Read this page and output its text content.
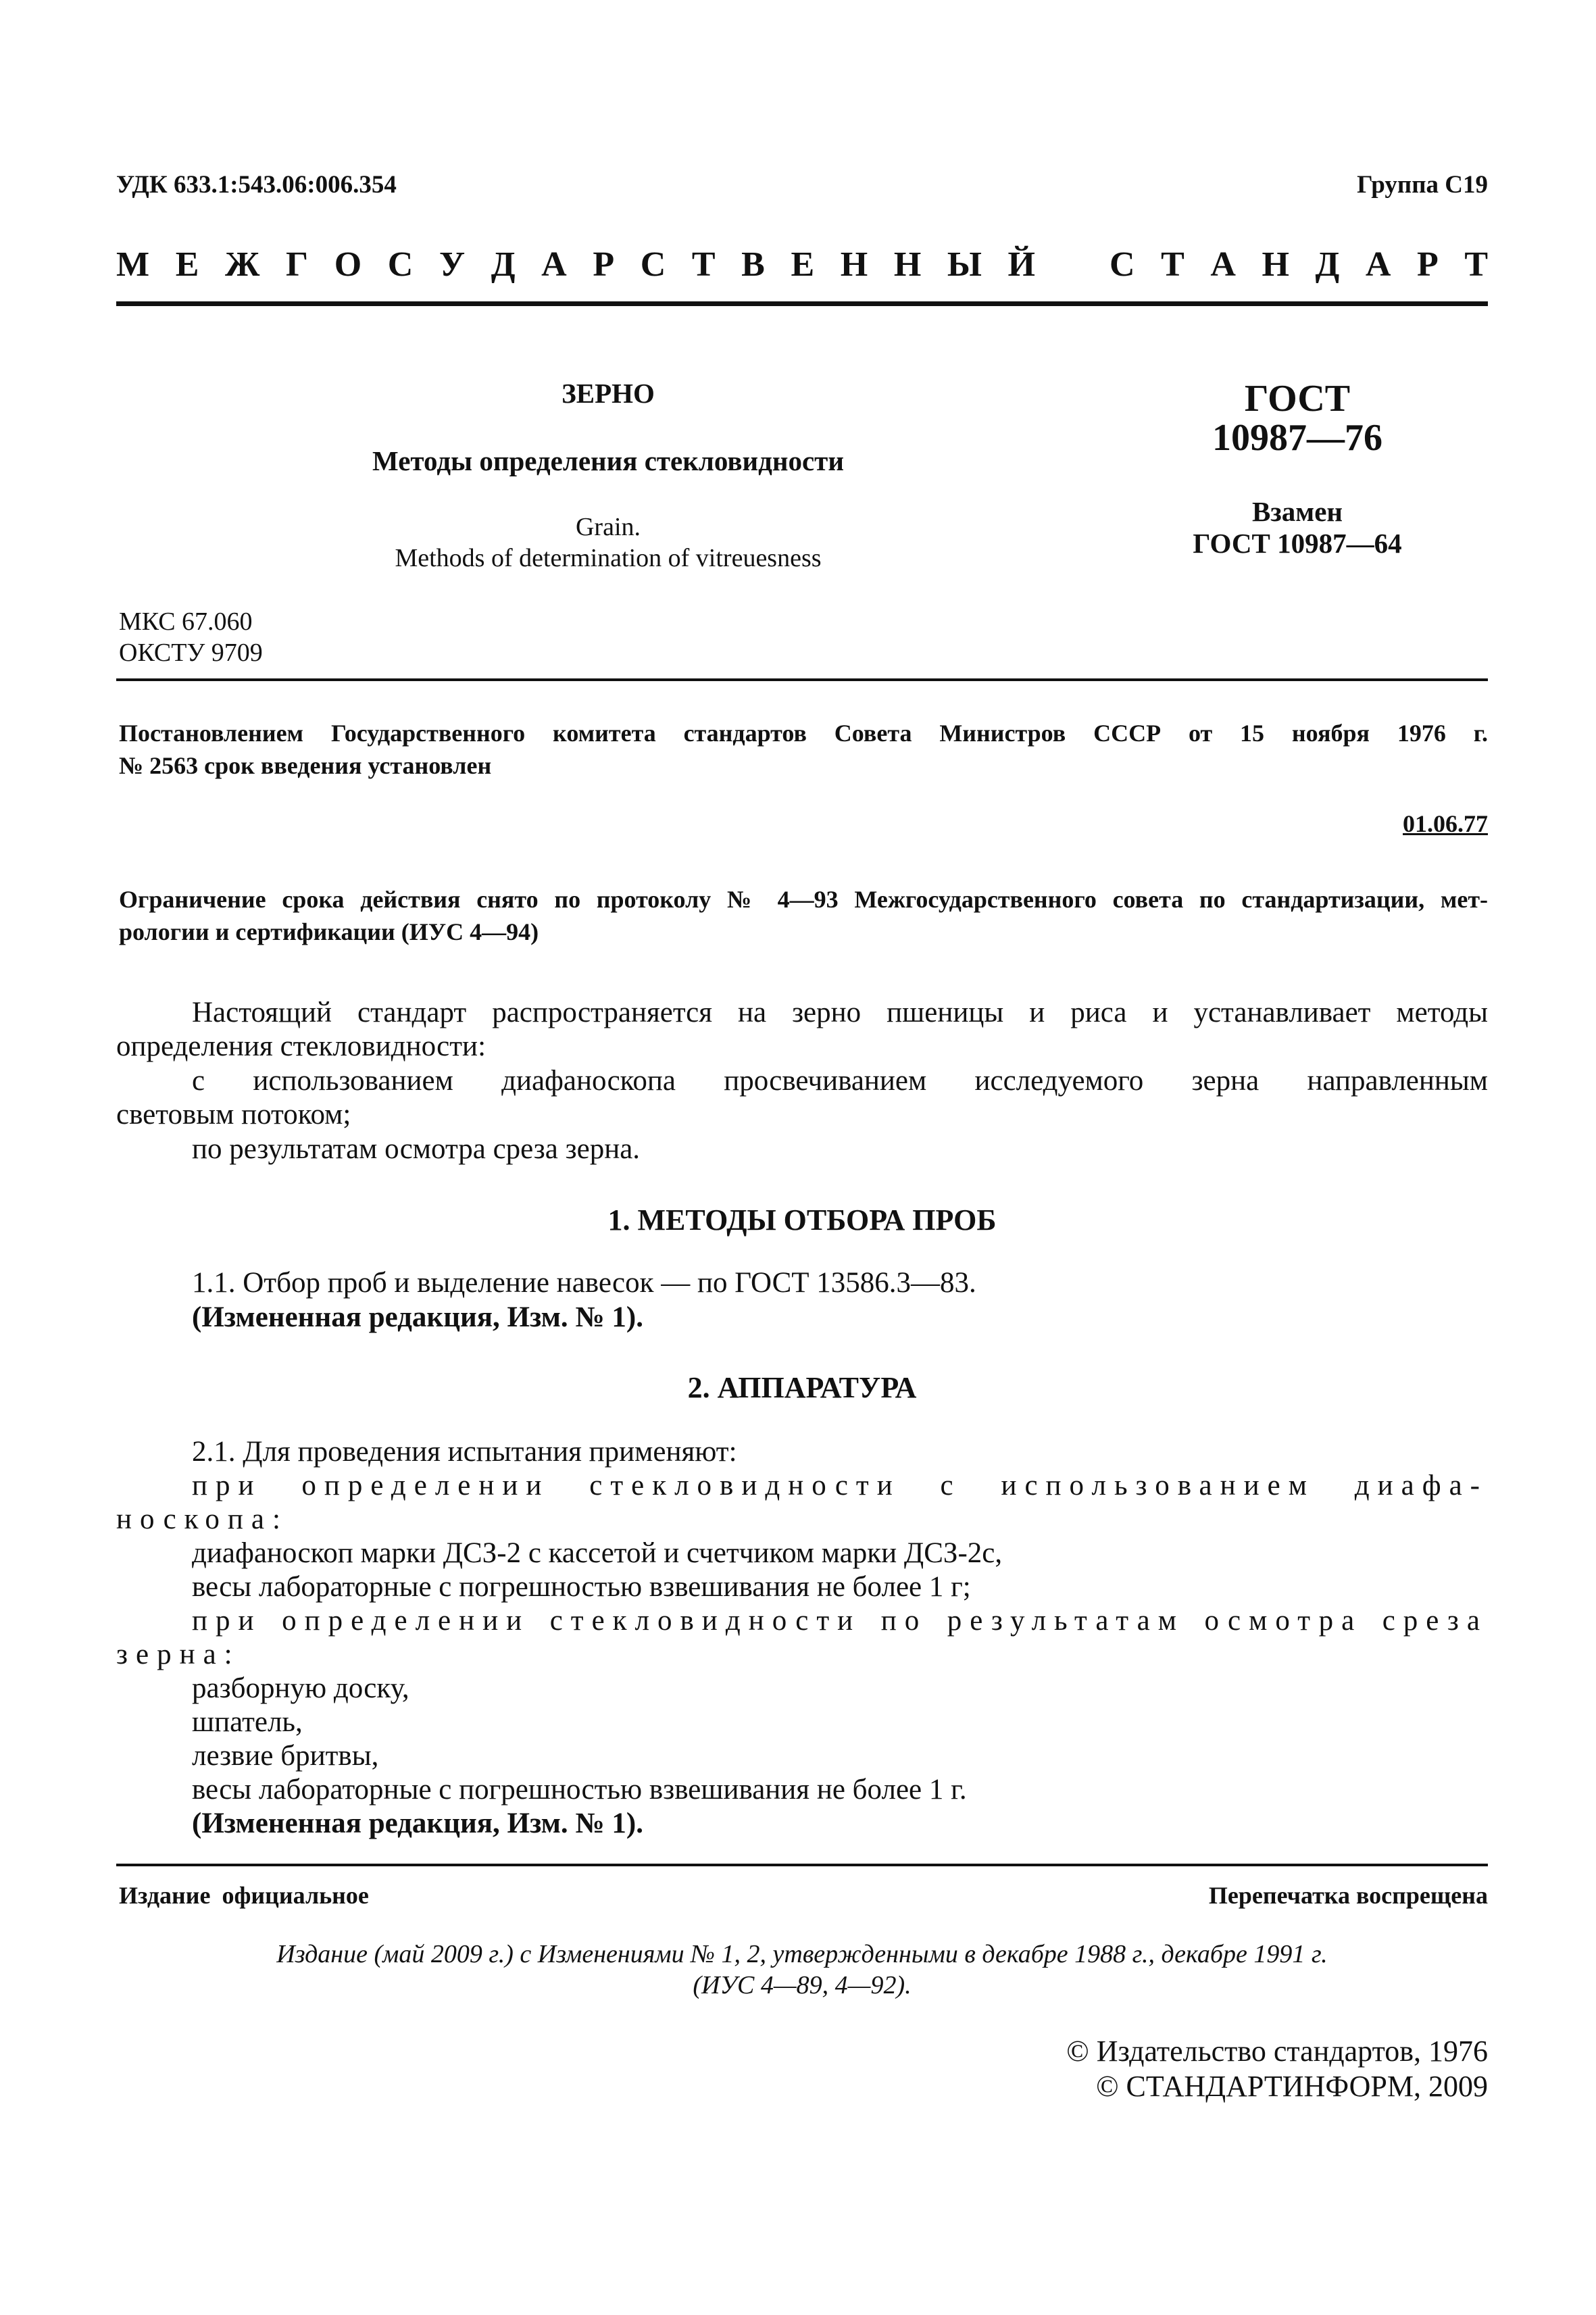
УДК 633.1:543.06:006.354	Группа С19
М Е Ж Г О С У Д А Р С Т В Е Н Н Ы Й С Т А Н Д А Р Т
ЗЕРНО
Методы определения стекловидности
Grain.
Methods of determination of vitreuesness
ГОСТ
10987—76
Взамен
ГОСТ 10987—64
МКС 67.060
ОКСТУ 9709
Постановлением Государственного комитета стандартов Совета Министров СССР от 15 ноября 1976 г.
№ 2563 срок введения установлен
01.06.77
Ограничение срока действия снято по протоколу № 4—93 Межгосударственного совета по стандартизации, мет-
рологии и сертификации (ИУС 4—94)
Настоящий стандарт распространяется на зерно пшеницы и риса и устанавливает методы
определения стекловидности:
с использованием диафаноскопа просвечиванием исследуемого зерна направленным
световым потоком;
по результатам осмотра среза зерна.
1. МЕТОДЫ ОТБОРА ПРОБ
1.1. Отбор проб и выделение навесок — по ГОСТ 13586.3—83.
(Измененная редакция, Изм. № 1).
2. АППАРАТУРА
2.1. Для проведения испытания применяют:
при определении стекловидности с использованием диафа-
носкопа:
диафаноскоп марки ДСЗ-2 с кассетой и счетчиком марки ДСЗ-2с,
весы лабораторные с погрешностью взвешивания не более 1 г;
при определении стекловидности по результатам осмотра среза
зерна:
разборную доску,
шпатель,
лезвие бритвы,
весы лабораторные с погрешностью взвешивания не более 1 г.
(Измененная редакция, Изм. № 1).
Издание официальное	Перепечатка воспрещена
Издание (май 2009 г.) с Изменениями № 1, 2, утвержденными в декабре 1988 г., декабре 1991 г.
(ИУС 4—89, 4—92).
© Издательство стандартов, 1976
© СТАНДАРТИНФОРМ, 2009
